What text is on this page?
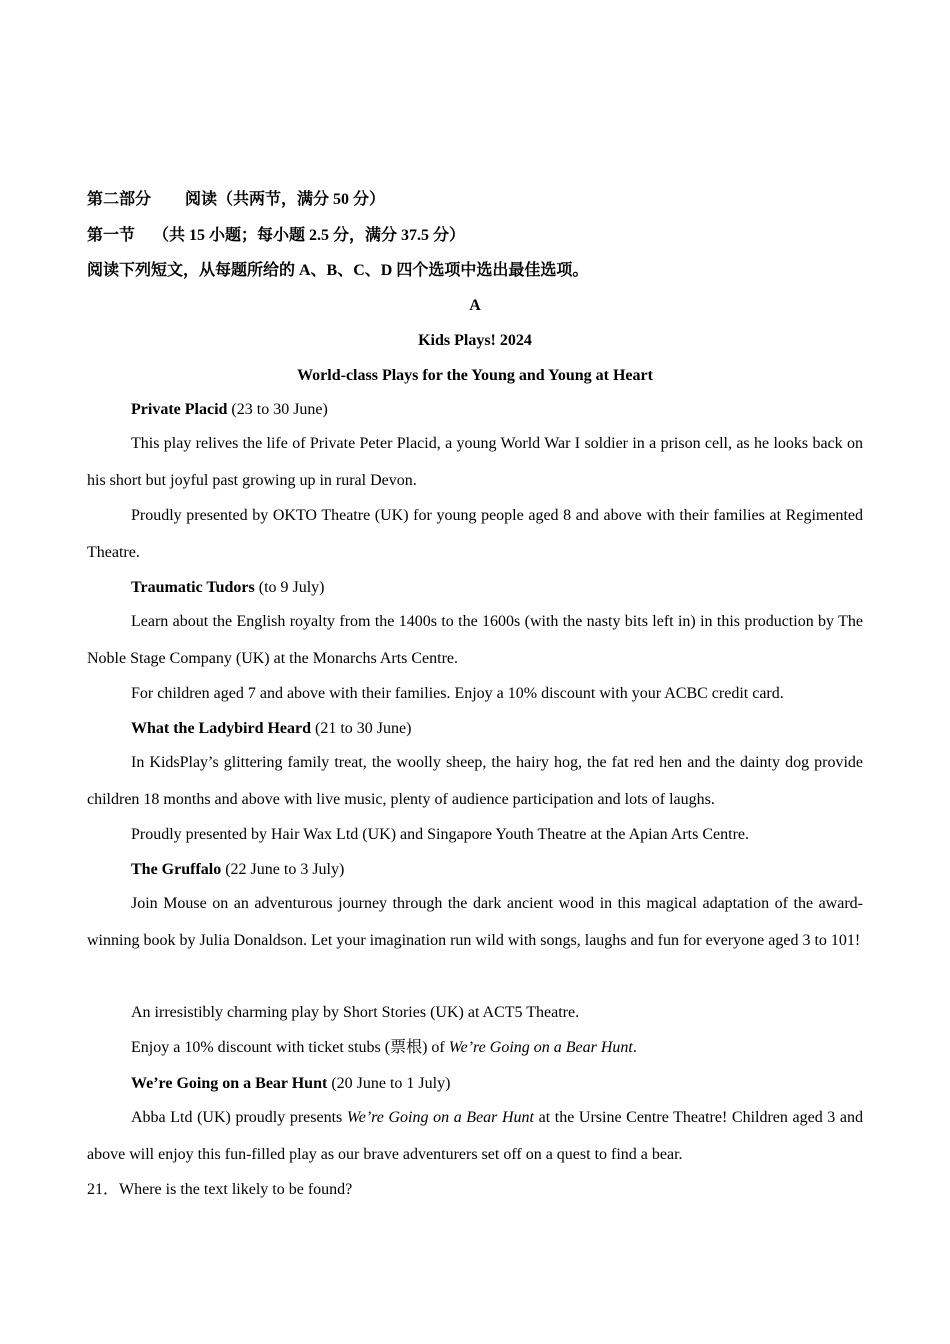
第二部分 阅读（共两节，满分 50 分）
第一节 （共 15 小题；每小题 2.5 分，满分 37.5 分）
阅读下列短文，从每题所给的 A、B、C、D 四个选项中选出最佳选项。
A
Kids Plays! 2024
World-class Plays for the Young and Young at Heart
Private Placid (23 to 30 June)
This play relives the life of Private Peter Placid, a young World War I soldier in a prison cell, as he looks back on his short but joyful past growing up in rural Devon.
Proudly presented by OKTO Theatre (UK) for young people aged 8 and above with their families at Regimented Theatre.
Traumatic Tudors (to 9 July)
Learn about the English royalty from the 1400s to the 1600s (with the nasty bits left in) in this production by The Noble Stage Company (UK) at the Monarchs Arts Centre.
For children aged 7 and above with their families. Enjoy a 10% discount with your ACBC credit card.
What the Ladybird Heard (21 to 30 June)
In KidsPlay’s glittering family treat, the woolly sheep, the hairy hog, the fat red hen and the dainty dog provide children 18 months and above with live music, plenty of audience participation and lots of laughs.
Proudly presented by Hair Wax Ltd (UK) and Singapore Youth Theatre at the Apian Arts Centre.
The Gruffalo (22 June to 3 July)
Join Mouse on an adventurous journey through the dark ancient wood in this magical adaptation of the award-winning book by Julia Donaldson. Let your imagination run wild with songs, laughs and fun for everyone aged 3 to 101!
An irresistibly charming play by Short Stories (UK) at ACT5 Theatre.
Enjoy a 10% discount with ticket stubs (票根) of We’re Going on a Bear Hunt.
We’re Going on a Bear Hunt (20 June to 1 July)
Abba Ltd (UK) proudly presents We’re Going on a Bear Hunt at the Ursine Centre Theatre! Children aged 3 and above will enjoy this fun-filled play as our brave adventurers set off on a quest to find a bear.
21．Where is the text likely to be found?
